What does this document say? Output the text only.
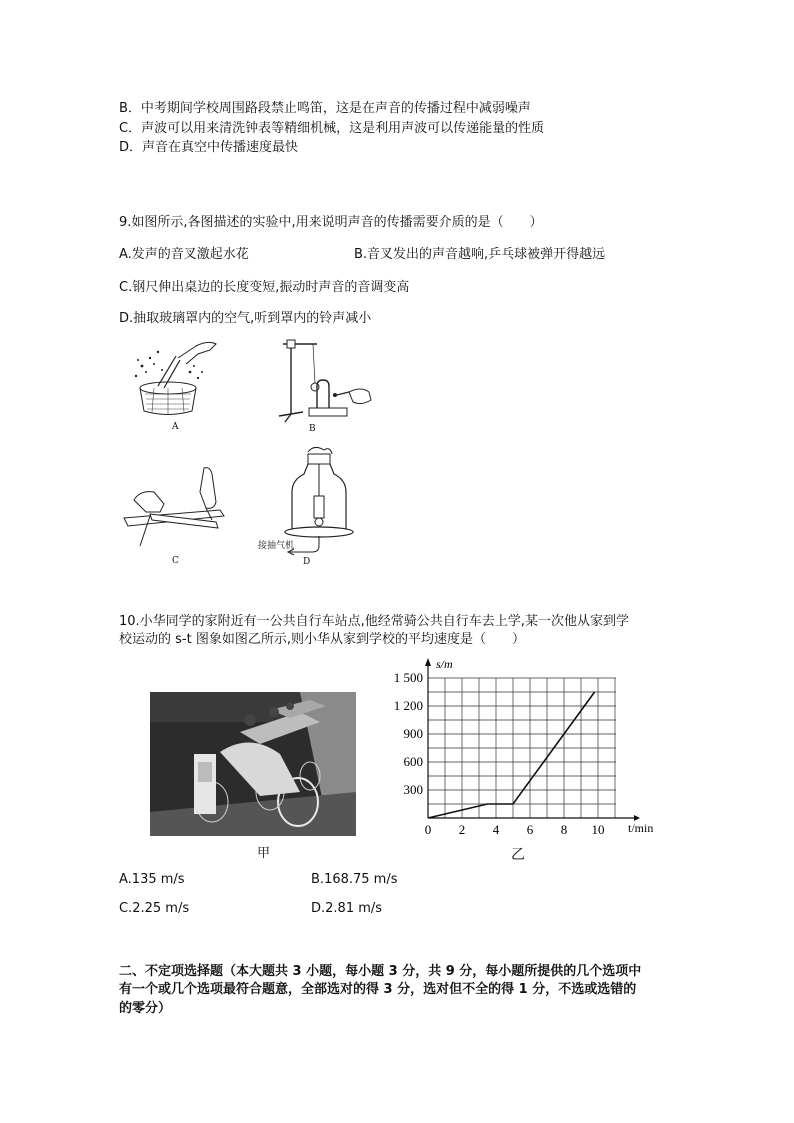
B．中考期间学校周围路段禁止鸣笛，这是在声音的传播过程中减弱噪声
C．声波可以用来清洗钟表等精细机械，这是利用声波可以传递能量的性质
D．声音在真空中传播速度最快
9.如图所示,各图描述的实验中,用来说明声音的传播需要介质的是（　　）
A.发声的音叉激起水花	B.音叉发出的声音越响,乒乓球被弹开得越远
C.钢尺伸出桌边的长度变短,振动时声音的音调变高
D.抽取玻璃罩内的空气,听到罩内的铃声减小
A	B
C
接抽气机
D
10.小华同学的家附近有一公共自行车站点,他经常骑公共自行车去上学,某一次他从家到学
校运动的 s-t 图象如图乙所示,则小华从家到学校的平均速度是（　　）
甲
s/m
t/min
0 2 4 6 8 10
300
600
900
1 200
1 500
乙
A.135 m/s	B.168.75 m/s
C.2.25 m/s	D.2.81 m/s
二、不定项选择题（本大题共 3 小题，每小题 3 分，共 9 分，每小题所提供的几个选项中
有一个或几个选项最符合题意，全部选对的得 3 分，选对但不全的得 1 分，不选或选错的
的零分）
